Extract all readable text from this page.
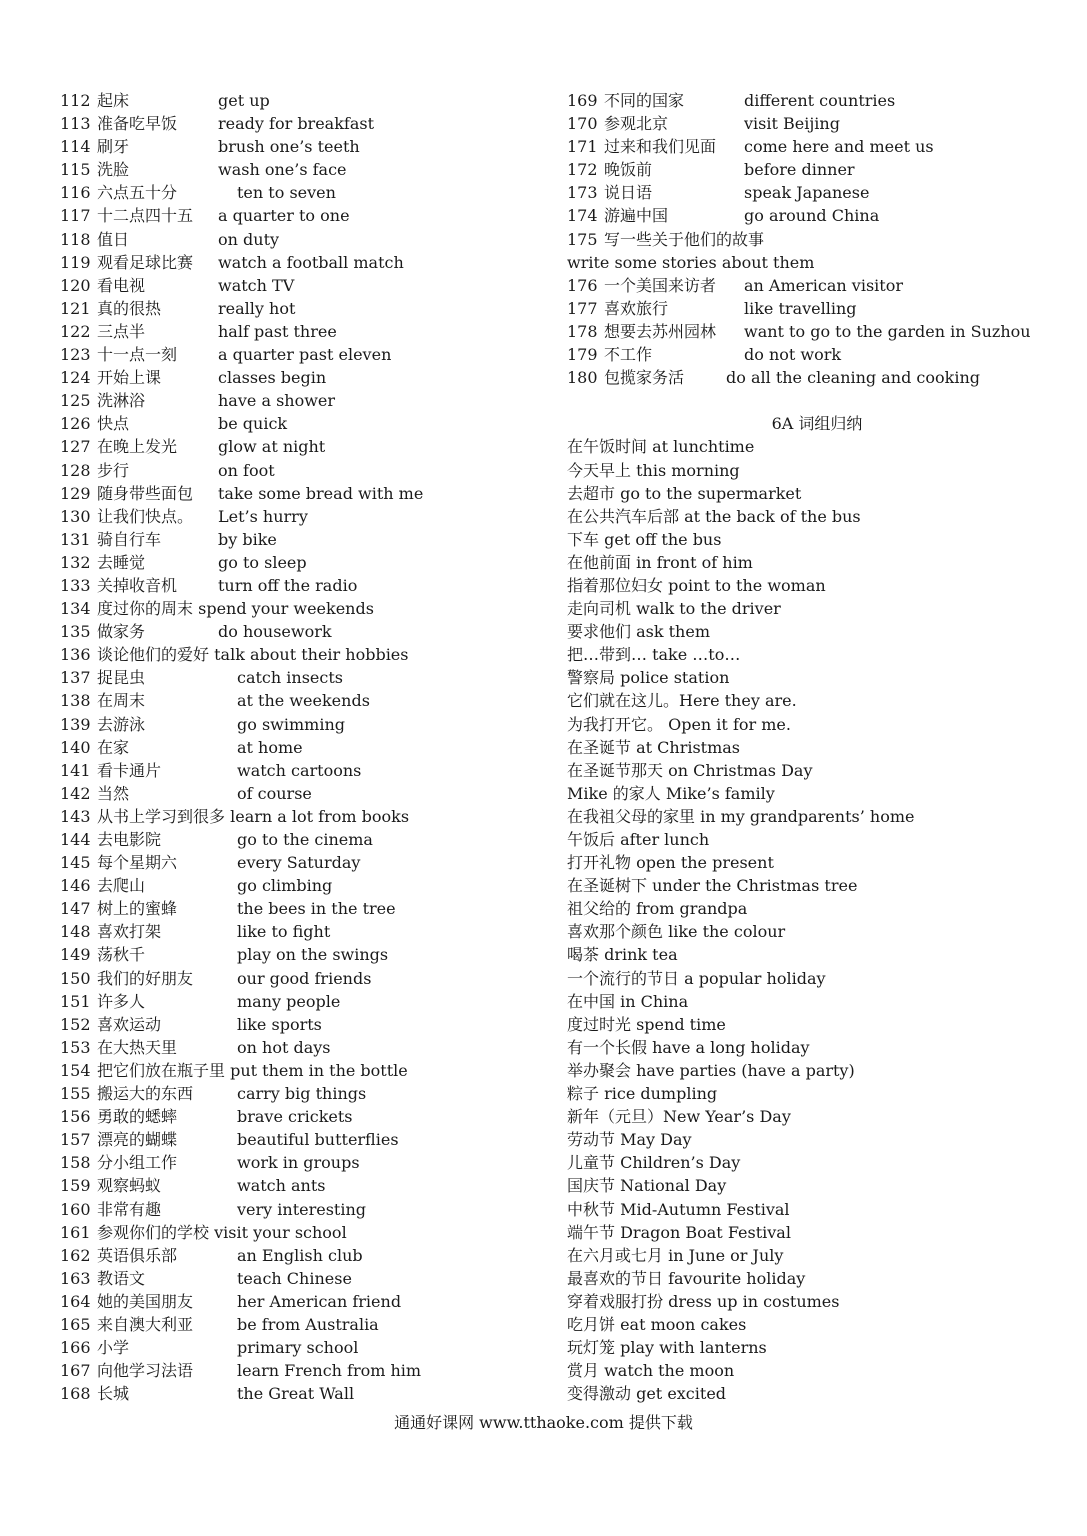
112 起床	get up
113 准备吃早饭	ready for breakfast
114 刷牙	brush one’s teeth
115 洗脸	wash one’s face
116 六点五十分	ten to seven
117 十二点四十五 a quarter to one
118 值日	on duty
119 观看足球比赛 watch a football match
120 看电视	watch TV
121 真的很热	really hot
122 三点半	half past three
123 十一点一刻	a quarter past eleven
124 开始上课	classes begin
125 洗淋浴	have a shower
126 快点	be quick
127 在晚上发光	glow at night
128 步行	on foot
129 随身带些面包 take some bread with me
130 让我们快点。 Let’s hurry
131 骑自行车	by bike
132 去睡觉	go to sleep
133 关掉收音机	turn off the radio
134 度过你的周末 spend your weekends
135 做家务	do housework
136 谈论他们的爱好 talk about their hobbies
137 捉昆虫	catch insects
138 在周末	at the weekends
139 去游泳	go swimming
140 在家	at home
141 看卡通片	watch cartoons
142 当然	of course
143 从书上学习到很多 learn a lot from books
144 去电影院	go to the cinema
145 每个星期六	every Saturday
146 去爬山	go climbing
147 树上的蜜蜂	the bees in the tree
148 喜欢打架	like to fight
149 荡秋千	play on the swings
150 我们的好朋友	our good friends
151 许多人	many people
152 喜欢运动	like sports
153 在大热天里	on hot days
154 把它们放在瓶子里 put them in the bottle
155 搬运大的东西	carry big things
156 勇敢的蟋蟀	brave crickets
157 漂亮的蝴蝶	beautiful butterflies
158 分小组工作	work in groups
159 观察蚂蚁	watch ants
160 非常有趣	very interesting
161 参观你们的学校 visit your school
162 英语俱乐部	an English club
163 教语文	teach Chinese
164 她的美国朋友	her American friend
165 来自澳大利亚	be from Australia
166 小学	primary school
167 向他学习法语	learn French from him
168 长城	the Great Wall
169 不同的国家	different countries
170 参观北京	visit Beijing
171 过来和我们见面 come here and meet us
172 晚饭前	before dinner
173 说日语	speak Japanese
174 游遍中国	go around China
175 写一些关于他们的故事
write some stories about them
176 一个美国来访者 an American visitor
177 喜欢旅行	like travelling
178 想要去苏州园林 want to go to the garden in Suzhou
179 不工作	do not work
180 包揽家务活	do all the cleaning and cooking
6A 词组归纳
在午饭时间 at lunchtime
今天早上 this morning
去超市 go to the supermarket
在公共汽车后部 at the back of the bus
下车 get off the bus
在他前面 in front of him
指着那位妇女 point to the woman
走向司机 walk to the driver
要求他们 ask them
把…带到… take …to…
警察局 police station
它们就在这儿。Here they are.
为我打开它。 Open it for me.
在圣诞节 at Christmas
在圣诞节那天 on Christmas Day
Mike 的家人 Mike’s family
在我祖父母的家里 in my grandparents’ home
午饭后 after lunch
打开礼物 open the present
在圣诞树下 under the Christmas tree
祖父给的 from grandpa
喜欢那个颜色 like the colour
喝茶 drink tea
一个流行的节日 a popular holiday
在中国 in China
度过时光 spend time
有一个长假 have a long holiday
举办聚会 have parties (have a party)
粽子 rice dumpling
新年（元旦）New Year’s Day
劳动节 May Day
儿童节 Children’s Day
国庆节 National Day
中秋节 Mid-Autumn Festival
端午节 Dragon Boat Festival
在六月或七月 in June or July
最喜欢的节日 favourite holiday
穿着戏服打扮 dress up in costumes
吃月饼 eat moon cakes
玩灯笼 play with lanterns
赏月 watch the moon
变得激动 get excited
通通好课网 www.tthaoke.com 提供下载
